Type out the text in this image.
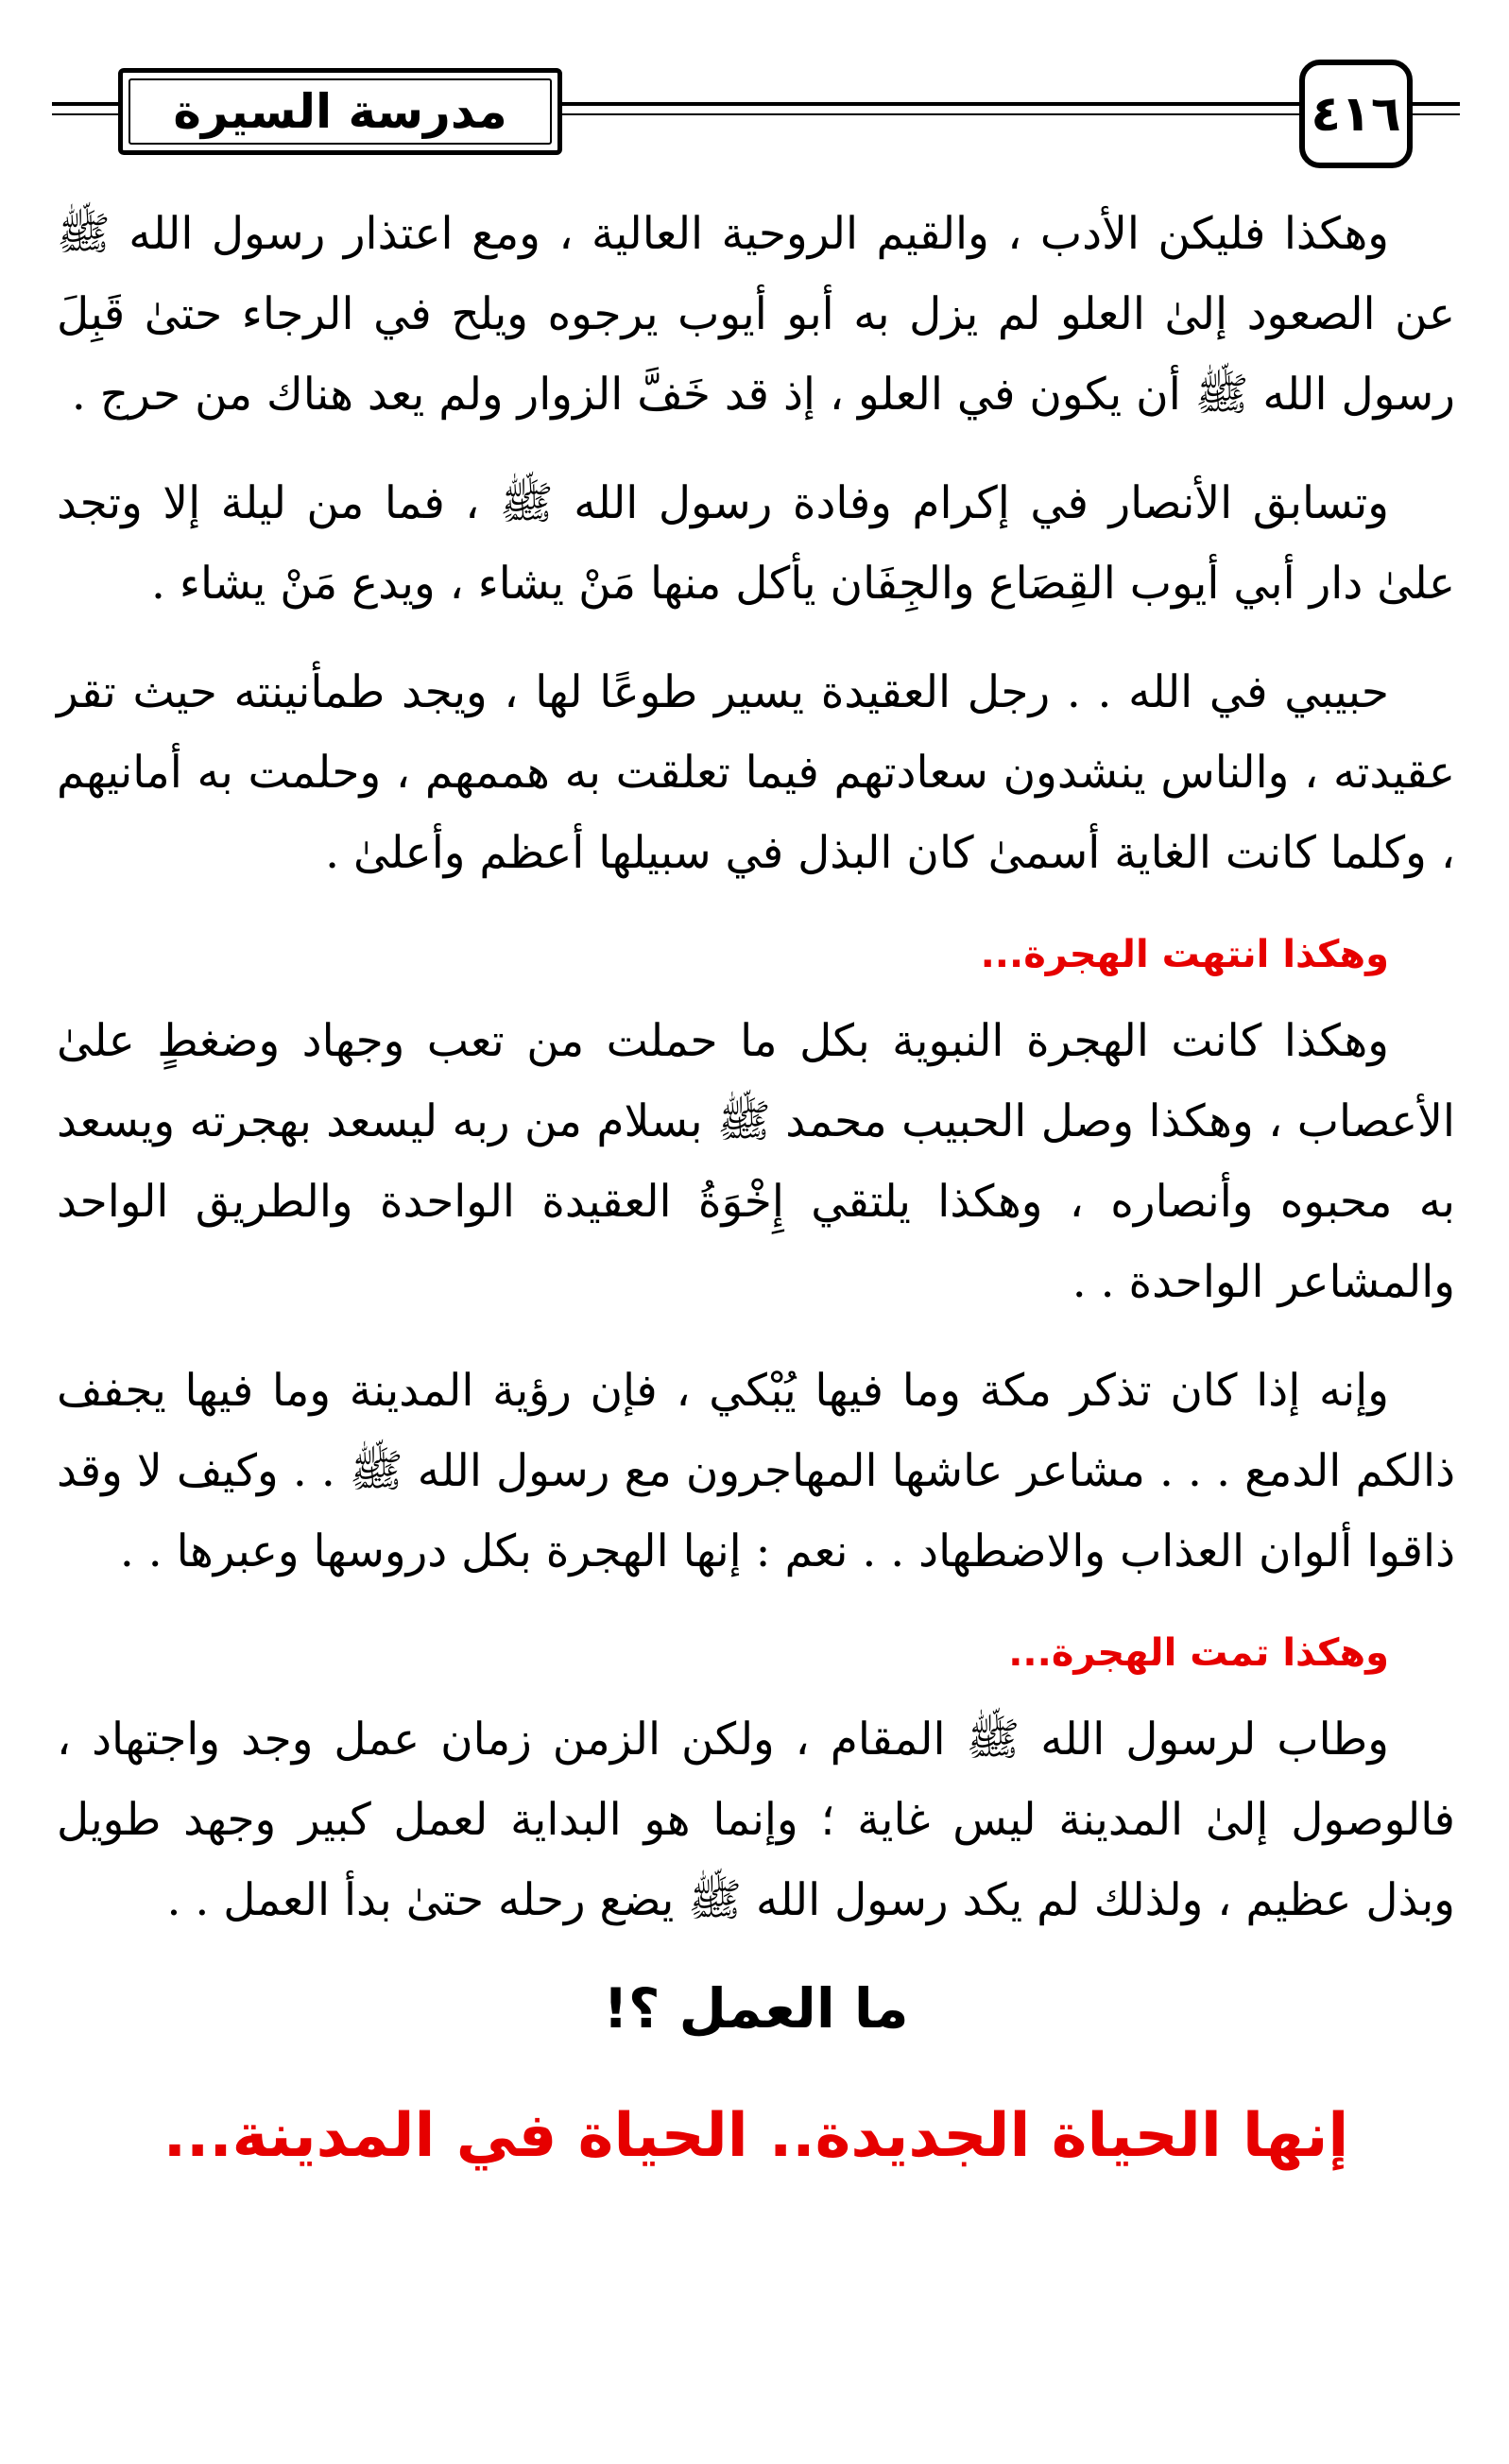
مدرسة السيرة	٤١٦

وهكذا فليكن الأدب ، والقيم الروحية العالية ، ومع اعتذار رسول الله ﷺ عن الصعود إلىٰ العلو لم يزل به أبو أيوب يرجوه ويلح في الرجاء حتىٰ قَبِلَ رسول الله ﷺ أن يكون في العلو ، إذ قد خَفَّ الزوار ولم يعد هناك من حرج .

وتسابق الأنصار في إكرام وفادة رسول الله ﷺ ، فما من ليلة إلا وتجد علىٰ دار أبي أيوب القِصَاع والجِفَان يأكل منها مَنْ يشاء ، ويدع مَنْ يشاء .

حبيبي في الله . . رجل العقيدة يسير طوعًا لها ، ويجد طمأنينته حيث تقر عقيدته ، والناس ينشدون سعادتهم فيما تعلقت به هممهم ، وحلمت به أمانيهم ، وكلما كانت الغاية أسمىٰ كان البذل في سبيلها أعظم وأعلىٰ .

وهكذا انتهت الهجرة...

وهكذا كانت الهجرة النبوية بكل ما حملت من تعب وجهاد وضغطٍ علىٰ الأعصاب ، وهكذا وصل الحبيب محمد ﷺ بسلام من ربه ليسعد بهجرته ويسعد به محبوه وأنصاره ، وهكذا يلتقي إِخْوَةُ العقيدة الواحدة والطريق الواحد والمشاعر الواحدة . .

وإنه إذا كان تذكر مكة وما فيها يُبْكي ، فإن رؤية المدينة وما فيها يجفف ذالكم الدمع . . . مشاعر عاشها المهاجرون مع رسول الله ﷺ . . وكيف لا وقد ذاقوا ألوان العذاب والاضطهاد . . نعم : إنها الهجرة بكل دروسها وعبرها . .

وهكذا تمت الهجرة...

وطاب لرسول الله ﷺ المقام ، ولكن الزمن زمان عمل وجد واجتهاد ، فالوصول إلىٰ المدينة ليس غاية ؛ وإنما هو البداية لعمل كبير وجهد طويل وبذل عظيم ، ولذلك لم يكد رسول الله ﷺ يضع رحله حتىٰ بدأ العمل . .

ما العمل ؟!
إنها الحياة الجديدة.. الحياة في المدينة...
